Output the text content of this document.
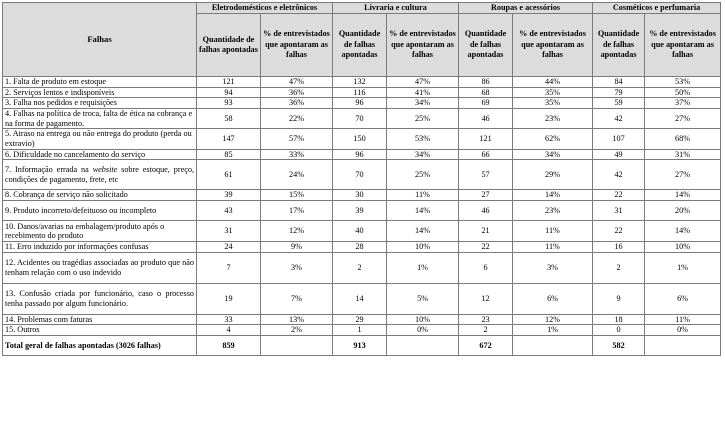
Falhas	Eletrodomésticos e eletrônicos		Livraria e cultura		Roupas e acessórios		Cosméticos e perfumaria	
	Quantidade de falhas apontadas	% de entrevistados que apontaram as falhas	Quantidade de falhas apontadas	% de entrevistados que apontaram as falhas	Quantidade de falhas apontadas	% de entrevistados que apontaram as falhas	Quantidade de falhas apontadas	% de entrevistados que apontaram as falhas
1. Falta de produto em estoque	121	47%	132	47%	86	44%	84	53%
2. Serviços lentos e indisponíveis	94	36%	116	41%	68	35%	79	50%
3. Falha nos pedidos e requisições	93	36%	96	34%	69	35%	59	37%
4. Falhas na política de troca, falta de ética na cobrança e na forma de pagamento.	58	22%	70	25%	46	23%	42	27%
5. Atraso na entrega ou não entrega do produto (perda ou extravio)	147	57%	150	53%	121	62%	107	68%
6. Dificuldade no cancelamento do serviço	85	33%	96	34%	66	34%	49	31%
7. Informação errada na website sobre estoque, preço, condições de pagamento, frete, etc	61	24%	70	25%	57	29%	42	27%
8. Cobrança de serviço não solicitado	39	15%	30	11%	27	14%	22	14%
9. Produto incorreto/defeituoso ou incompleto	43	17%	39	14%	46	23%	31	20%
10. Danos/avarias na embalagem/produto após o recebimento do produto	31	12%	40	14%	21	11%	22	14%
11. Erro induzido por informações confusas	24	9%	28	10%	22	11%	16	10%
12. Acidentes ou tragédias associadas ao produto que não tenham relação com o uso indevido	7	3%	2	1%	6	3%	2	1%
13. Confusão criada por funcionário, caso o processo tenha passado por algum funcionário.	19	7%	14	5%	12	6%	9	6%
14. Problemas com faturas	33	13%	29	10%	23	12%	18	11%
15. Outros	4	2%	1	0%	2	1%	0	0%
Total geral de falhas apontadas (3026 falhas)	859		913		672		582	
